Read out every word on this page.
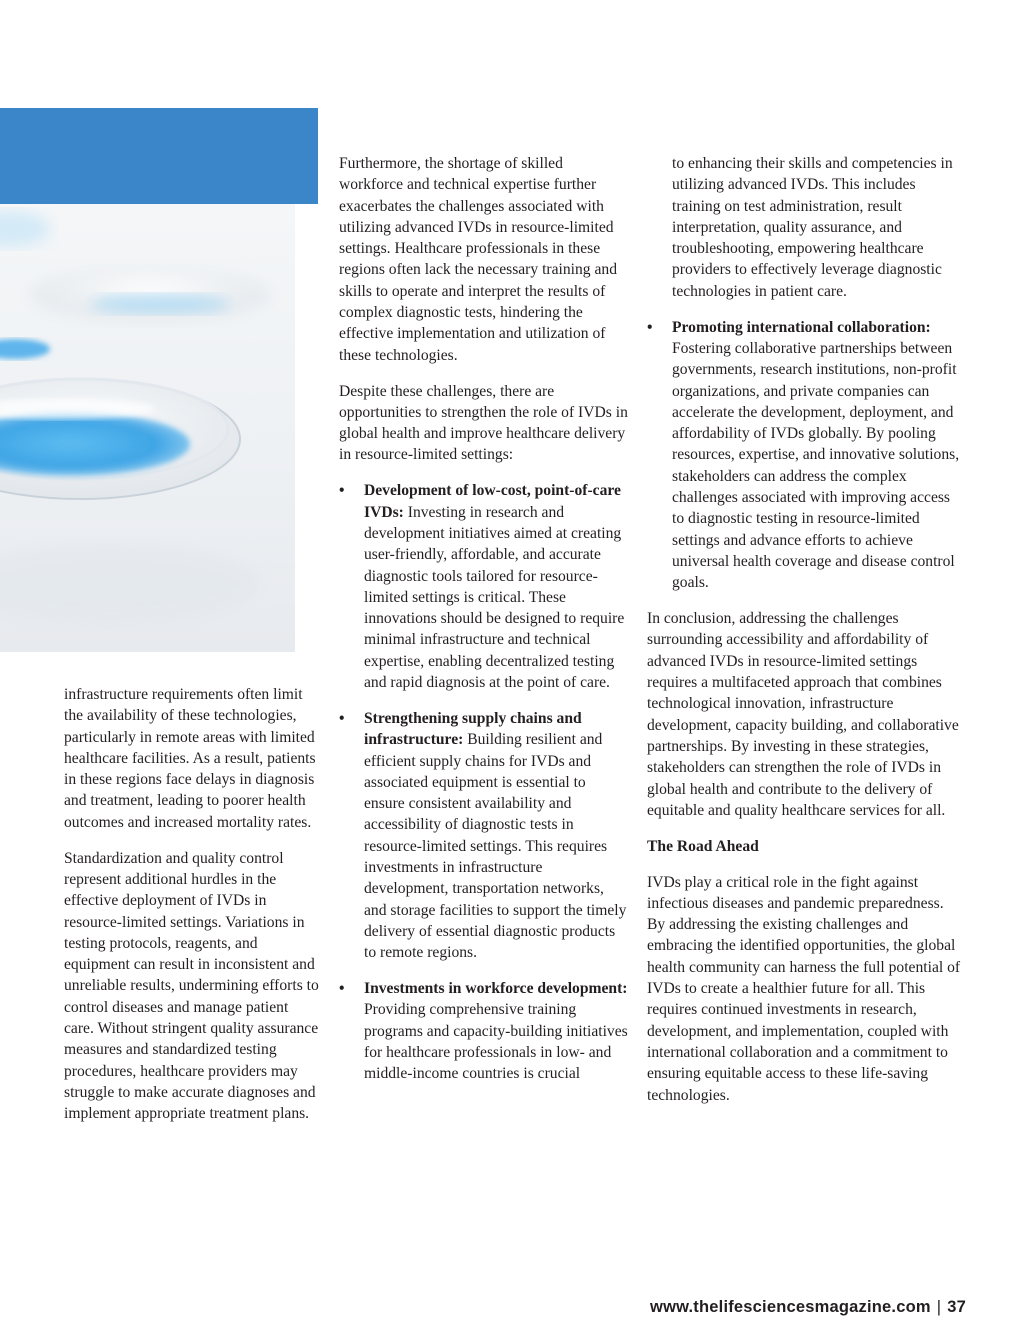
infrastructure requirements often limit the availability of these technologies, particularly in remote areas with limited healthcare facilities. As a result, patients in these regions face delays in diagnosis and treatment, leading to poorer health outcomes and increased mortality rates.

Standardization and quality control represent additional hurdles in the effective deployment of IVDs in resource-limited settings. Variations in testing protocols, reagents, and equipment can result in inconsistent and unreliable results, undermining efforts to control diseases and manage patient care. Without stringent quality assurance measures and standardized testing procedures, healthcare providers may struggle to make accurate diagnoses and implement appropriate treatment plans.

Furthermore, the shortage of skilled workforce and technical expertise further exacerbates the challenges associated with utilizing advanced IVDs in resource-limited settings. Healthcare professionals in these regions often lack the necessary training and skills to operate and interpret the results of complex diagnostic tests, hindering the effective implementation and utilization of these technologies.

Despite these challenges, there are opportunities to strengthen the role of IVDs in global health and improve healthcare delivery in resource-limited settings:

• Development of low-cost, point-of-care IVDs: Investing in research and development initiatives aimed at creating user-friendly, affordable, and accurate diagnostic tools tailored for resource-limited settings is critical. These innovations should be designed to require minimal infrastructure and technical expertise, enabling decentralized testing and rapid diagnosis at the point of care.
• Strengthening supply chains and infrastructure: Building resilient and efficient supply chains for IVDs and associated equipment is essential to ensure consistent availability and accessibility of diagnostic tests in resource-limited settings. This requires investments in infrastructure development, transportation networks, and storage facilities to support the timely delivery of essential diagnostic products to remote regions.
• Investments in workforce development: Providing comprehensive training programs and capacity-building initiatives for healthcare professionals in low- and middle-income countries is crucial

to enhancing their skills and competencies in utilizing advanced IVDs. This includes training on test administration, result interpretation, quality assurance, and troubleshooting, empowering healthcare providers to effectively leverage diagnostic technologies in patient care.

• Promoting international collaboration: Fostering collaborative partnerships between governments, research institutions, non-profit organizations, and private companies can accelerate the development, deployment, and affordability of IVDs globally. By pooling resources, expertise, and innovative solutions, stakeholders can address the complex challenges associated with improving access to diagnostic testing in resource-limited settings and advance efforts to achieve universal health coverage and disease control goals.

In conclusion, addressing the challenges surrounding accessibility and affordability of advanced IVDs in resource-limited settings requires a multifaceted approach that combines technological innovation, infrastructure development, capacity building, and collaborative partnerships. By investing in these strategies, stakeholders can strengthen the role of IVDs in global health and contribute to the delivery of equitable and quality healthcare services for all.

The Road Ahead

IVDs play a critical role in the fight against infectious diseases and pandemic preparedness. By addressing the existing challenges and embracing the identified opportunities, the global health community can harness the full potential of IVDs to create a healthier future for all. This requires continued investments in research, development, and implementation, coupled with international collaboration and a commitment to ensuring equitable access to these life-saving technologies.

www.thelifesciencesmagazine.com | 37
